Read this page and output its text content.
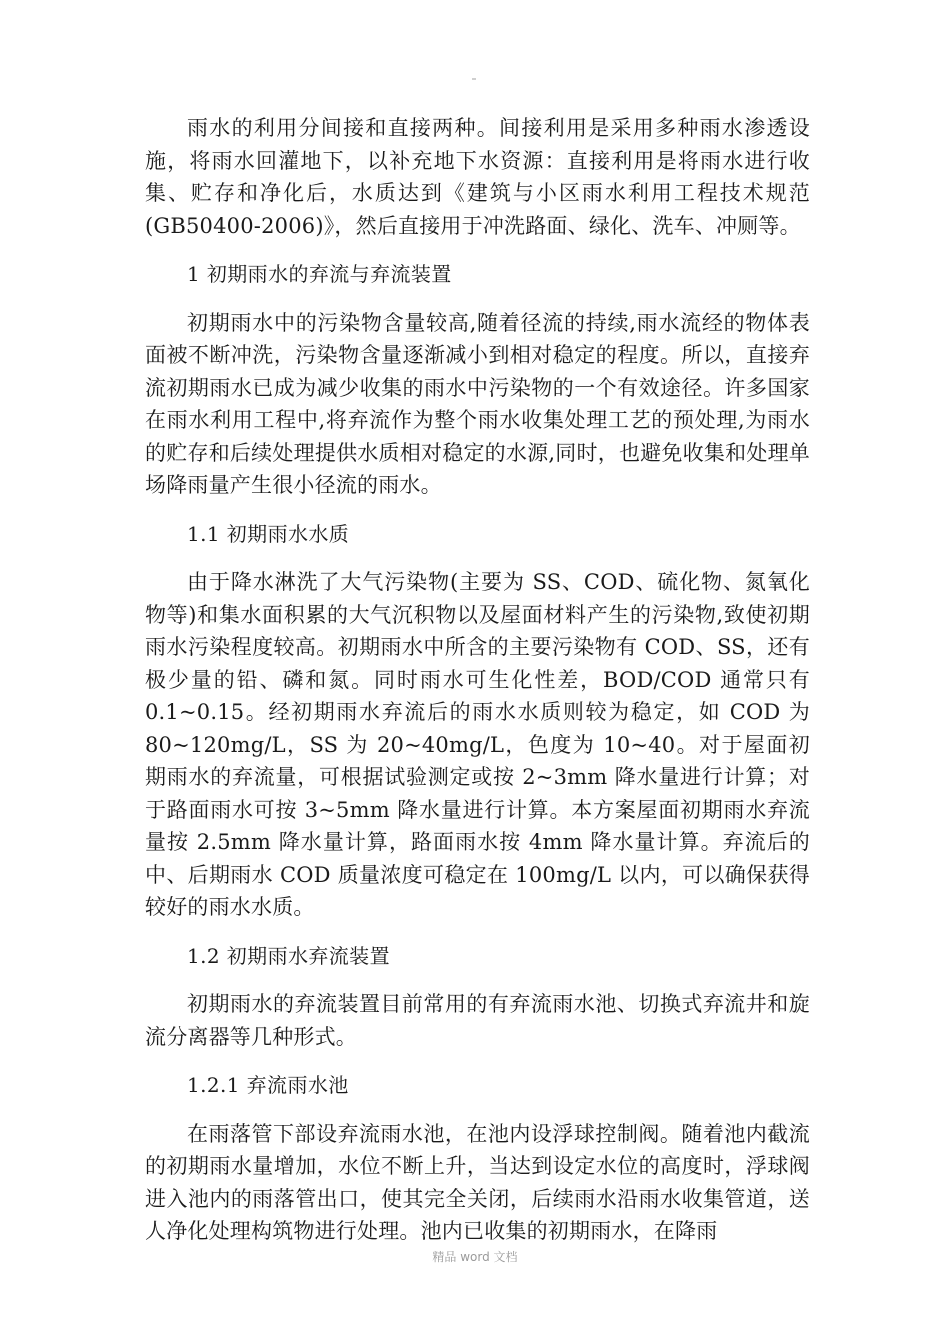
雨水的利用分间接和直接两种。间接利用是采用多种雨水渗透设施，将雨水回灌地下，以补充地下水资源：直接利用是将雨水进行收集、贮存和净化后，水质达到《建筑与小区雨水利用工程技术规范(GB50400-2006)》，然后直接用于冲洗路面、绿化、洗车、冲厕等。

1 初期雨水的弃流与弃流装置

初期雨水中的污染物含量较高,随着径流的持续,雨水流经的物体表面被不断冲洗，污染物含量逐渐减小到相对稳定的程度。所以，直接弃流初期雨水已成为减少收集的雨水中污染物的一个有效途径。许多国家在雨水利用工程中,将弃流作为整个雨水收集处理工艺的预处理,为雨水的贮存和后续处理提供水质相对稳定的水源,同时，也避免收集和处理单场降雨量产生很小径流的雨水。

1.1 初期雨水水质

由于降水淋洗了大气污染物(主要为 SS、COD、硫化物、氮氧化物等)和集水面积累的大气沉积物以及屋面材料产生的污染物,致使初期雨水污染程度较高。初期雨水中所含的主要污染物有 COD、SS，还有极少量的铅、磷和氮。同时雨水可生化性差，BOD/COD 通常只有 0.1~0.15。经初期雨水弃流后的雨水水质则较为稳定，如 COD 为 80~120mg/L，SS 为 20~40mg/L，色度为 10~40。对于屋面初期雨水的弃流量，可根据试验测定或按 2~3mm 降水量进行计算；对于路面雨水可按 3~5mm 降水量进行计算。本方案屋面初期雨水弃流量按 2.5mm 降水量计算，路面雨水按 4mm 降水量计算。弃流后的中、后期雨水 COD 质量浓度可稳定在 100mg/L 以内，可以确保获得较好的雨水水质。

1.2 初期雨水弃流装置

初期雨水的弃流装置目前常用的有弃流雨水池、切换式弃流井和旋流分离器等几种形式。

1.2.1 弃流雨水池

在雨落管下部设弃流雨水池，在池内设浮球控制阀。随着池内截流的初期雨水量增加，水位不断上升，当达到设定水位的高度时，浮球阀进入池内的雨落管出口，使其完全关闭，后续雨水沿雨水收集管道，送人净化处理构筑物进行处理。池内已收集的初期雨水，在降雨

精品 word 文档
